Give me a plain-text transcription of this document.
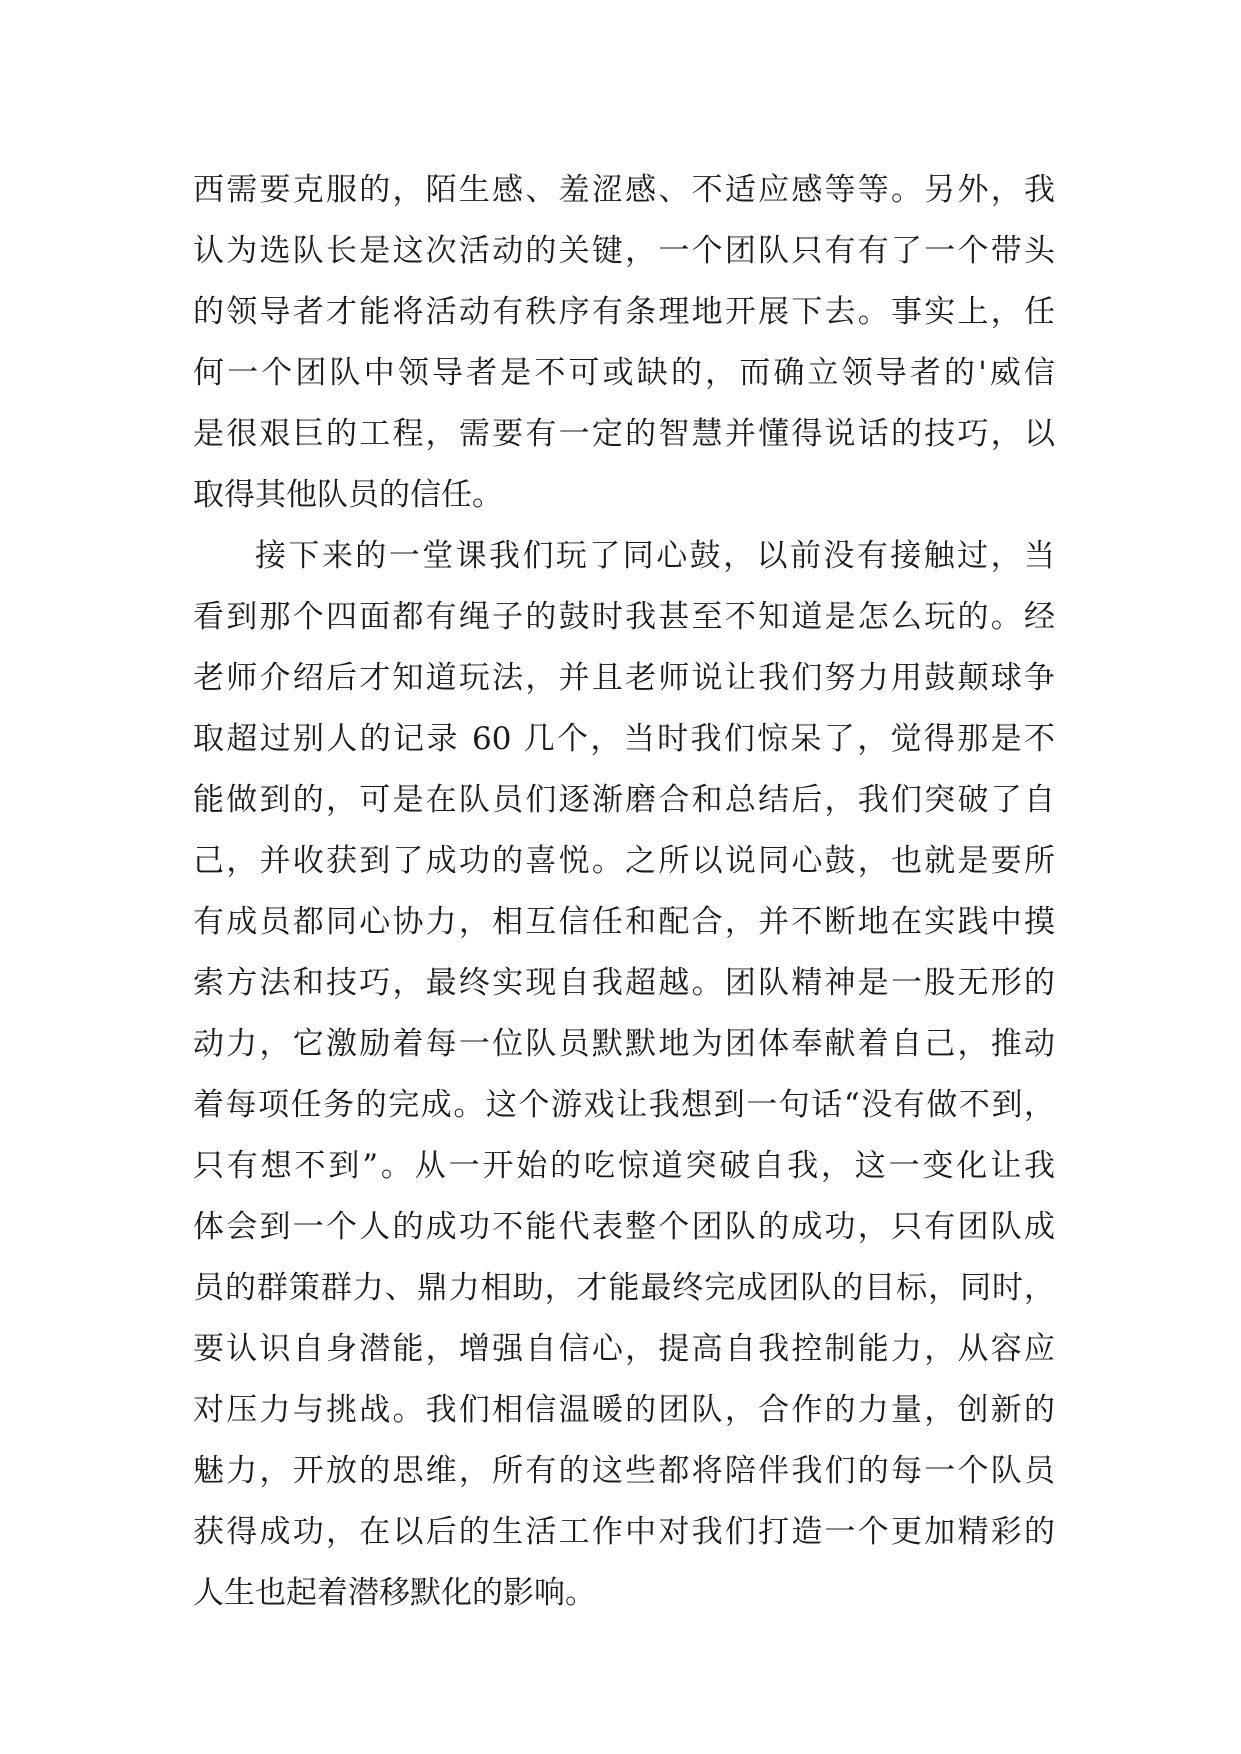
西需要克服的，陌生感、羞涩感、不适应感等等。另外，我
认为选队长是这次活动的关键，一个团队只有有了一个带头
的领导者才能将活动有秩序有条理地开展下去。事实上，任
何一个团队中领导者是不可或缺的，而确立领导者的'威信
是很艰巨的工程，需要有一定的智慧并懂得说话的技巧，以
取得其他队员的信任。
接下来的一堂课我们玩了同心鼓，以前没有接触过，当
看到那个四面都有绳子的鼓时我甚至不知道是怎么玩的。经
老师介绍后才知道玩法，并且老师说让我们努力用鼓颠球争
取超过别人的记录 60 几个，当时我们惊呆了，觉得那是不
能做到的，可是在队员们逐渐磨合和总结后，我们突破了自
己，并收获到了成功的喜悦。之所以说同心鼓，也就是要所
有成员都同心协力，相互信任和配合，并不断地在实践中摸
索方法和技巧，最终实现自我超越。团队精神是一股无形的
动力，它激励着每一位队员默默地为团体奉献着自己，推动
着每项任务的完成。这个游戏让我想到一句话“没有做不到，
只有想不到”。从一开始的吃惊道突破自我，这一变化让我
体会到一个人的成功不能代表整个团队的成功，只有团队成
员的群策群力、鼎力相助，才能最终完成团队的目标，同时，
要认识自身潜能，增强自信心，提高自我控制能力，从容应
对压力与挑战。我们相信温暖的团队，合作的力量，创新的
魅力，开放的思维，所有的这些都将陪伴我们的每一个队员
获得成功，在以后的生活工作中对我们打造一个更加精彩的
人生也起着潜移默化的影响。
